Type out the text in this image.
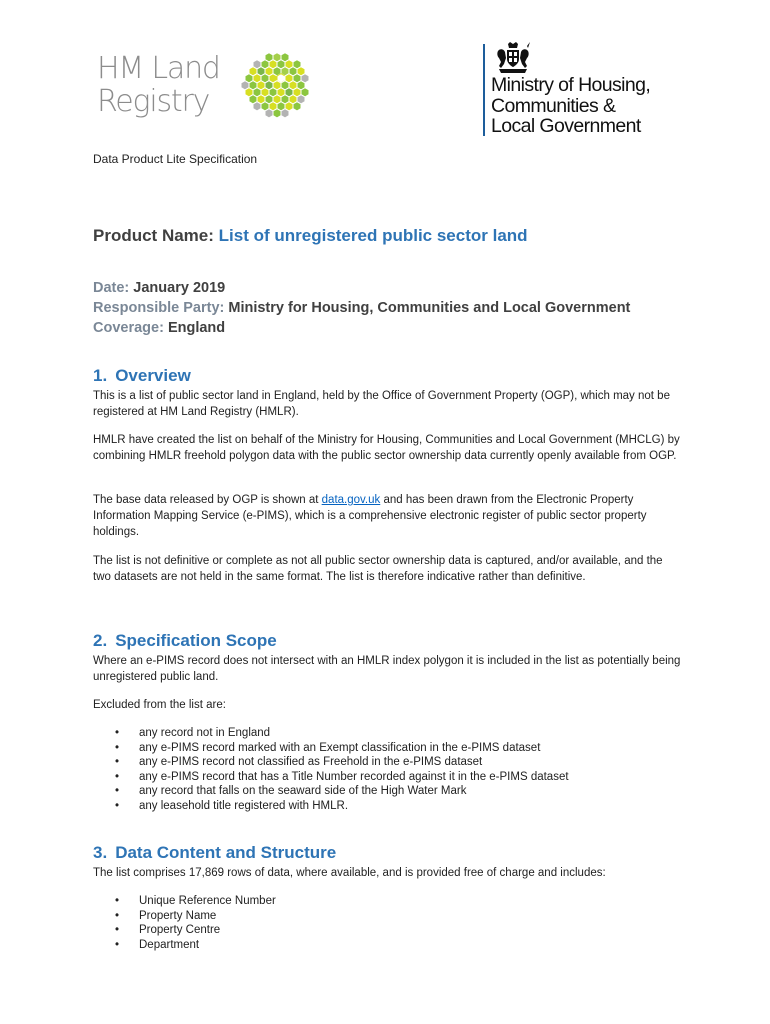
HM Land
Registry	Ministry of Housing,
Communities &
Local Government
Data Product Lite Specification
Product Name: List of unregistered public sector land
Date: January 2019
Responsible Party: Ministry for Housing, Communities and Local Government
Coverage: England
1. Overview
This is a list of public sector land in England, held by the Office of Government Property (OGP), which may not be registered at HM Land Registry (HMLR).
HMLR have created the list on behalf of the Ministry for Housing, Communities and Local Government (MHCLG) by combining HMLR freehold polygon data with the public sector ownership data currently openly available from OGP.
The base data released by OGP is shown at data.gov.uk and has been drawn from the Electronic Property Information Mapping Service (e-PIMS), which is a comprehensive electronic register of public sector property holdings.
The list is not definitive or complete as not all public sector ownership data is captured, and/or available, and the two datasets are not held in the same format. The list is therefore indicative rather than definitive.
2. Specification Scope
Where an e-PIMS record does not intersect with an HMLR index polygon it is included in the list as potentially being unregistered public land.
Excluded from the list are:
• any record not in England
• any e-PIMS record marked with an Exempt classification in the e-PIMS dataset
• any e-PIMS record not classified as Freehold in the e-PIMS dataset
• any e-PIMS record that has a Title Number recorded against it in the e-PIMS dataset
• any record that falls on the seaward side of the High Water Mark
• any leasehold title registered with HMLR.
3. Data Content and Structure
The list comprises 17,869 rows of data, where available, and is provided free of charge and includes:
• Unique Reference Number
• Property Name
• Property Centre
• Department
